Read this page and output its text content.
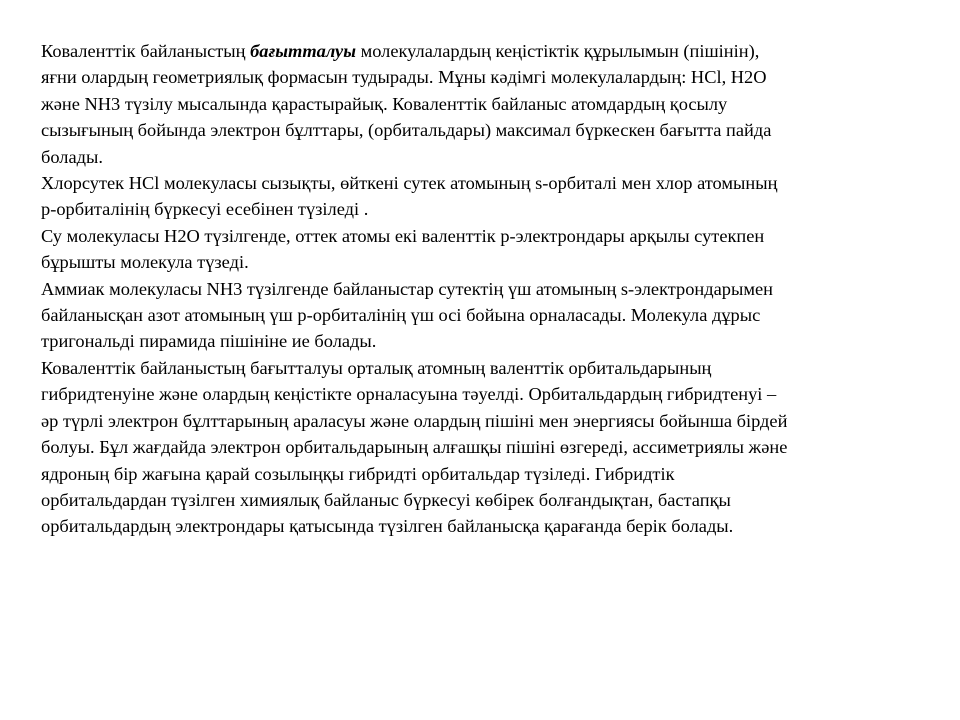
Коваленттік байланыстың бағытталуы молекулалардың кеңістіктік құрылымын (пішінін),
яғни олардың геометриялық формасын тудырады. Мұны кәдімгі молекулалардың: HCl, H2O
және NH3 түзілу мысалында қарастырайық. Коваленттік байланыс атомдардың қосылу
сызығының бойында электрон бұлттары, (орбитальдары) максимал бүркескен бағытта пайда
болады.

Хлорсутек HCl молекуласы сызықты, өйткені сутек атомының s-орбиталі мен хлор атомының
p-орбиталінің бүркесуі есебінен түзіледі .

Су молекуласы H2O түзілгенде, оттек атомы екі валенттік р-электрондары арқылы сутекпен
бұрышты молекула түзеді.

Аммиак молекуласы NH3 түзілгенде байланыстар сутектің үш атомының s-электрондарымен
байланысқан азот атомының үш р-орбиталінің үш осі бойына орналасады. Молекула дұрыс
тригональді пирамида пішініне ие болады.

Коваленттік байланыстың бағытталуы орталық атомның валенттік орбитальдарының
гибридтенуіне және олардың кеңістікте орналасуына тәуелді. Орбитальдардың гибридтенуі –
әр түрлі электрон бұлттарының араласуы және олардың пішіні мен энергиясы бойынша бірдей
болуы. Бұл жағдайда электрон орбитальдарының алғашқы пішіні өзгереді, ассиметриялы және
ядроның бір жағына қарай созылыңқы гибридті орбитальдар түзіледі. Гибридтік
орбитальдардан түзілген химиялық байланыс бүркесуі көбірек болғандықтан, бастапқы
орбитальдардың электрондары қатысында түзілген байланысқа қарағанда берік болады.
